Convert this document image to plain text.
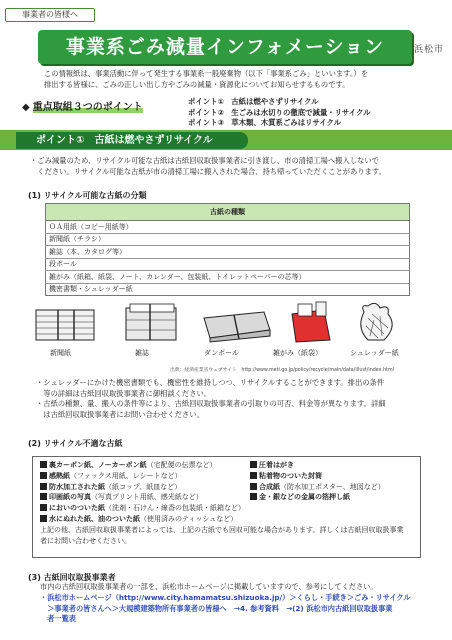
事業者の皆様へ
事業系ごみ減量インフォメーション	浜松市
この情報紙は、事業活動に伴って発生する事業系一般廃棄物（以下「事業系ごみ」といいます。）を
排出する皆様に、ごみの正しい出し方やごみの減量・資源化についてお知らせするものです。
◆ 重点取組３つのポイント
ポイント①　古紙は燃やさずリサイクル
ポイント②　生ごみは水切りの徹底で減量・リサイクル
ポイント③　草木類、木質系ごみはリサイクル
ポイント①　古紙は燃やさずリサイクル
・ごみ減量のため、リサイクル可能な古紙は古紙回収取扱事業者に引き渡し、市の清掃工場へ搬入しないで
　ください。リサイクル可能な古紙が市の清掃工場に搬入された場合、持ち帰っていただくことがあります。
(1) リサイクル可能な古紙の分類
古紙の種類
ＯＡ用紙（コピー用紙等）
新聞紙（チラシ）
雑誌（本、カタログ等）
段ボール
雑がみ（紙箱、紙袋、ノート、カレンダー、包装紙、トイレットペーパーの芯等）
機密書類・シュレッダー紙
新聞紙	雑誌	ダンボール	雑がみ（紙袋）	シュレッダー紙
出典：経済産業省ウェブサイト　http://www.meti.go.jp/policy/recycle/main/data/illust/index.html
・シュレッダーにかけた機密書類でも、機密性を維持しつつ、リサイクルすることができます。排出の条件
　等の詳細は古紙回収取扱事業者に御相談ください。
・古紙の種類、量、搬入の条件等により、古紙回収取扱事業者の引取りの可否、料金等が異なります。詳細
　は古紙回収取扱事業者にお問い合わせください。
(2) リサイクル不適な古紙
裏カーボン紙、ノーカーボン紙（宅配便の伝票など）
感熱紙（ファックス用紙、レシートなど）
防水加工された紙（紙コップ、紙皿など）
印画紙の写真（写真プリント用紙、感光紙など）
においのついた紙（洗剤・石けん・線香の包装紙・紙箱など）
水にぬれた紙、油のついた紙（使用済みのティッシュなど）
圧着はがき
粘着物のついた封筒
合成紙（防水加工ポスター、地図など）
金・銀などの金属の箔押し紙
上記の他、古紙回収取扱事業者によっては、上記の古紙でも回収可能な場合があります。詳しくは古紙回収取扱事業
者にお問い合わせください。
(3) 古紙回収取扱事業者
市内の古紙回収取扱事業者の一部を、浜松市ホームページに掲載していますので、参考にしてください。
・浜松市ホームページ（http://www.city.hamamatsu.shizuoka.jp/）＞くらし・手続き＞ごみ・リサイクル
　＞事業者の皆さんへ＞大規模建築物所有事業者の皆様へ　→4. 参考資料　→(2) 浜松市内古紙回収取扱事業
　者一覧表
